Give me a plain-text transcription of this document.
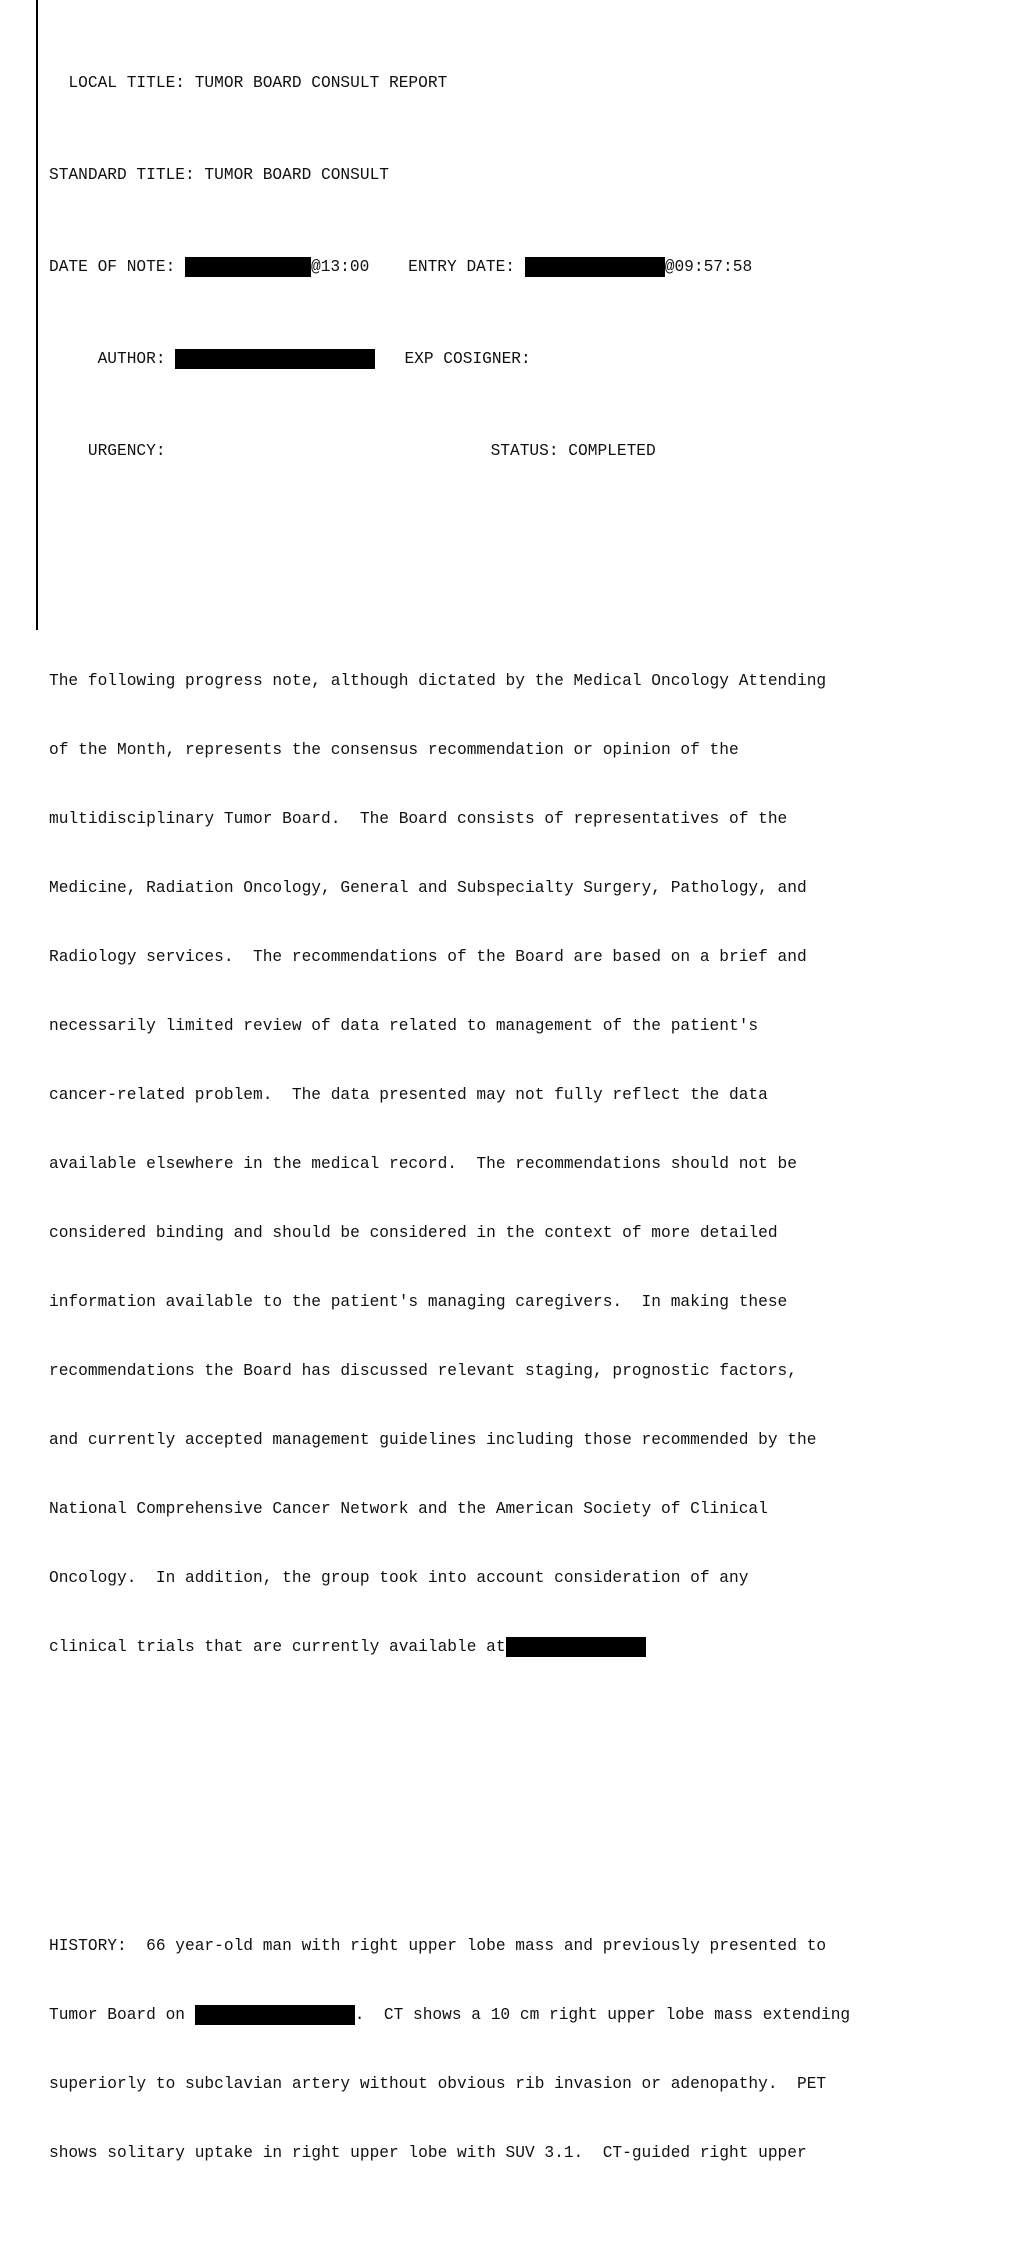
LOCAL TITLE: TUMOR BOARD CONSULT REPORT

STANDARD TITLE: TUMOR BOARD CONSULT

DATE OF NOTE:	@13:00    ENTRY DATE:	@09:57:58

AUTHOR:	EXP COSIGNER:

URGENCY:	STATUS: COMPLETED

The following progress note, although dictated by the Medical Oncology Attending

of the Month, represents the consensus recommendation or opinion of the

multidisciplinary Tumor Board.  The Board consists of representatives of the

Medicine, Radiation Oncology, General and Subspecialty Surgery, Pathology, and

Radiology services.  The recommendations of the Board are based on a brief and

necessarily limited review of data related to management of the patient's

cancer-related problem.  The data presented may not fully reflect the data

available elsewhere in the medical record.  The recommendations should not be

considered binding and should be considered in the context of more detailed

information available to the patient's managing caregivers.  In making these

recommendations the Board has discussed relevant staging, prognostic factors,

and currently accepted management guidelines including those recommended by the

National Comprehensive Cancer Network and the American Society of Clinical

Oncology.  In addition, the group took into account consideration of any

clinical trials that are currently available at

HISTORY:  66 year-old man with right upper lobe mass and previously presented to

Tumor Board on	.  CT shows a 10 cm right upper lobe mass extending

superiorly to subclavian artery without obvious rib invasion or adenopathy.  PET

shows solitary uptake in right upper lobe with SUV 3.1.  CT-guided right upper
